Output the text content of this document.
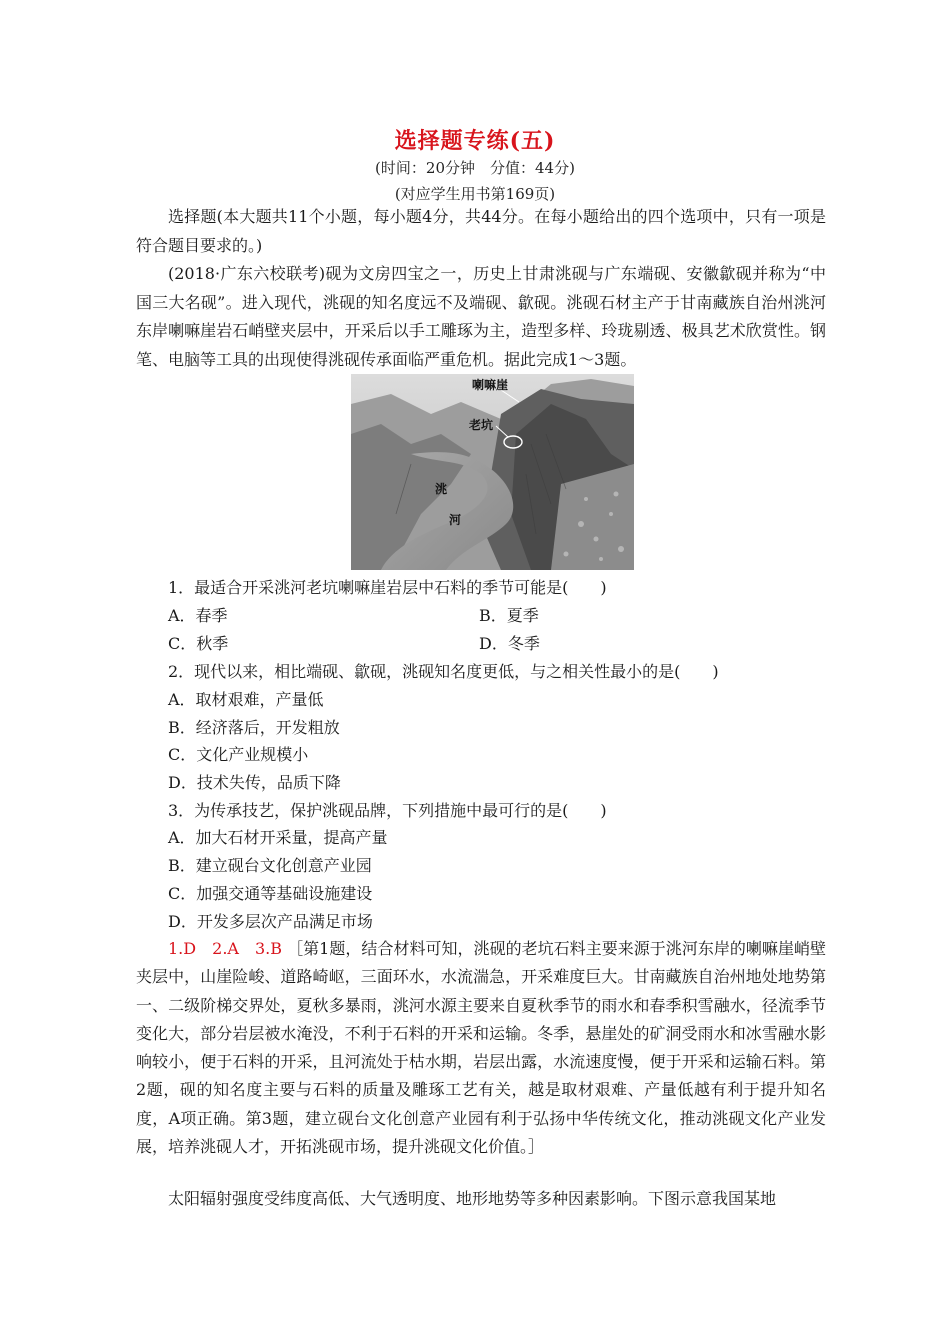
选择题专练(五)
(时间：20分钟　分值：44分)
(对应学生用书第169页)

选择题(本大题共11个小题，每小题4分，共44分。在每小题给出的四个选项中，只有一项是符合题目要求的。)

(2018·广东六校联考)砚为文房四宝之一，历史上甘肃洮砚与广东端砚、安徽歙砚并称为“中国三大名砚”。进入现代，洮砚的知名度远不及端砚、歙砚。洮砚石材主产于甘南藏族自治州洮河东岸喇嘛崖岩石峭壁夹层中，开采后以手工雕琢为主，造型多样、玲珑剔透、极具艺术欣赏性。钢笔、电脑等工具的出现使得洮砚传承面临严重危机。据此完成1～3题。

喇嘛崖
老坑
洮
河
1．最适合开采洮河老坑喇嘛崖岩层中石料的季节可能是(　　)
A．春季	B．夏季
C．秋季	D．冬季
2．现代以来，相比端砚、歙砚，洮砚知名度更低，与之相关性最小的是(　　)
A．取材艰难，产量低
B．经济落后，开发粗放
C．文化产业规模小
D．技术失传，品质下降
3．为传承技艺，保护洮砚品牌，下列措施中最可行的是(　　)
A．加大石材开采量，提高产量
B．建立砚台文化创意产业园
C．加强交通等基础设施建设
D．开发多层次产品满足市场

1.D　2.A　3.B ［第1题，结合材料可知，洮砚的老坑石料主要来源于洮河东岸的喇嘛崖峭壁夹层中，山崖险峻、道路崎岖，三面环水，水流湍急，开采难度巨大。甘南藏族自治州地处地势第一、二级阶梯交界处，夏秋多暴雨，洮河水源主要来自夏秋季节的雨水和春季积雪融水，径流季节变化大，部分岩层被水淹没，不利于石料的开采和运输。冬季，悬崖处的矿洞受雨水和冰雪融水影响较小，便于石料的开采，且河流处于枯水期，岩层出露，水流速度慢，便于开采和运输石料。第2题，砚的知名度主要与石料的质量及雕琢工艺有关，越是取材艰难、产量低越有利于提升知名度，A项正确。第3题，建立砚台文化创意产业园有利于弘扬中华传统文化，推动洮砚文化产业发展，培养洮砚人才，开拓洮砚市场，提升洮砚文化价值。］

太阳辐射强度受纬度高低、大气透明度、地形地势等多种因素影响。下图示意我国某地
